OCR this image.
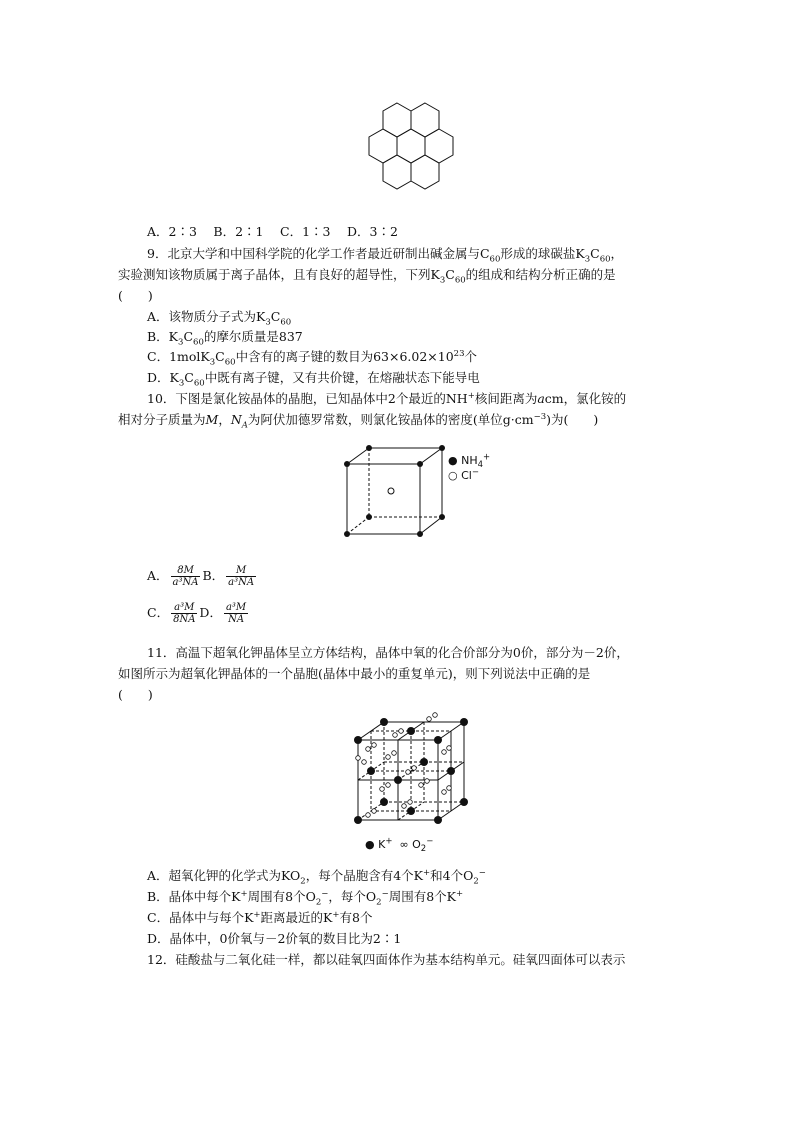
A．2∶3　 B．2∶1　 C．1∶3　 D．3∶2
9．北京大学和中国科学院的化学工作者最近研制出碱金属与$C_{60}$形成的球碳盐$K_3C_{60}$，
实验测知该物质属于离子晶体，且有良好的超导性，下列$K_3C_{60}$的组成和结构分析正确的是
(　　)
A．该物质分子式为$K_3C_{60}$
B．$K_3C_{60}$的摩尔质量是837
C．$1molK_3C_{60}$中含有的离子键的数目为$63\times 6.02\times 10^{23}$个
D．$K_3C_{60}$中既有离子键，又有共价键，在熔融状态下能导电
10．下图是氯化铵晶体的晶胞，已知晶体中2个最近的NH+核间距离为acm，氯化铵的
相对分子质量为M，$N_A$为阿伏加德罗常数，则氯化铵晶体的密度(单位$g\cdot cm^{-3}$)为(　　)
● $NH_4^+$
○ Cl−
A． $\frac{8M}{\text{a³NA}}$ B． $\frac{M}{\text{a³NA}}$
C． $\frac{\text{a³M}}{8NA}$ D． $\frac{\text{a³M}}{NA}$
11．高温下超氧化钾晶体呈立方体结构，晶体中氧的化合价部分为0价，部分为－2价，
如图所示为超氧化钾晶体的一个晶胞(晶体中最小的重复单元)，则下列说法中正确的是
(　　)
● K+ ∞ $O_2^-$
A．超氧化钾的化学式为$KO_2$，每个晶胞含有4个K+和4个$O_2^-$
B．晶体中每个K+周围有8个$O_2^-$，每个$O_2^-$周围有8个K+
C．晶体中与每个K+距离最近的K+有8个
D．晶体中，0价氧与－2价氧的数目比为2∶1
12．硅酸盐与二氧化硅一样，都以硅氧四面体作为基本结构单元。硅氧四面体可以表示
